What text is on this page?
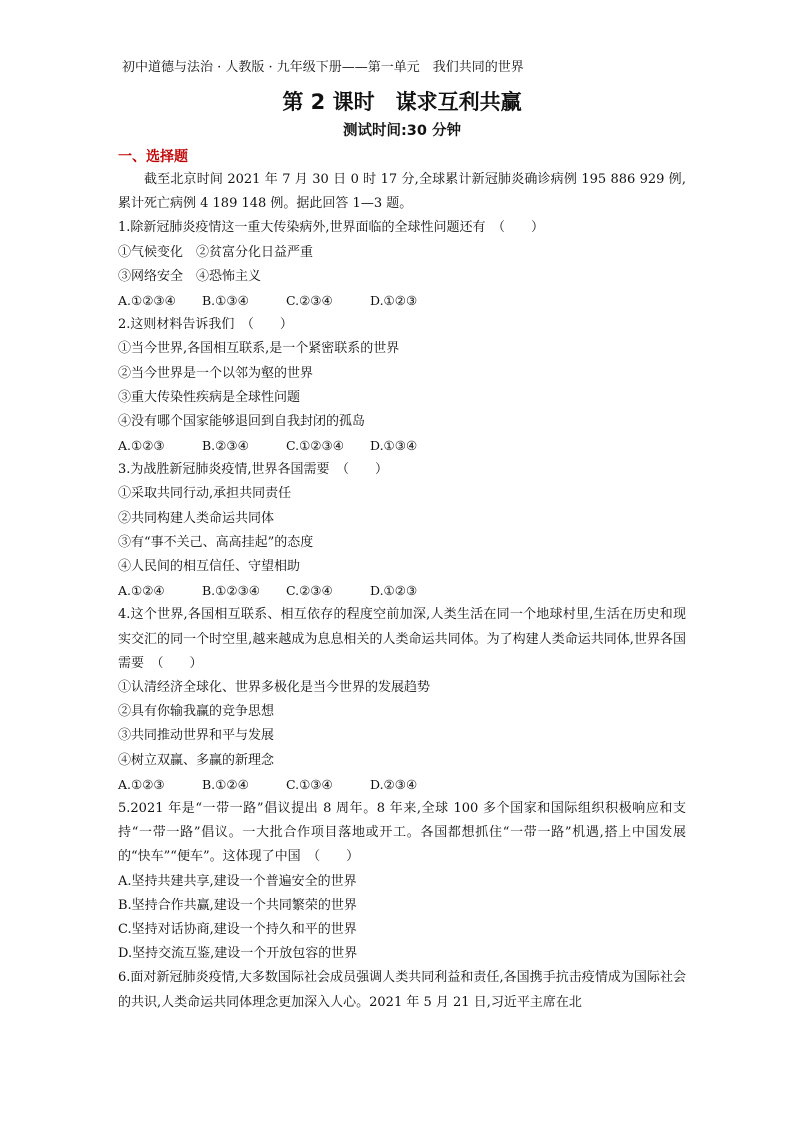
初中道德与法治 · 人教版 · 九年级下册——第一单元　我们共同的世界
第 2 课时　谋求互利共赢
测试时间:30 分钟
一、选择题
截至北京时间 2021 年 7 月 30 日 0 时 17 分,全球累计新冠肺炎确诊病例 195 886 929 例,累计死亡病例 4 189 148 例。据此回答 1—3 题。
1.除新冠肺炎疫情这一重大传染病外,世界面临的全球性问题还有　（　　）
①气候变化　②贫富分化日益严重
③网络安全　④恐怖主义
A.①②③④	B.①③④	C.②③④	D.①②③
2.这则材料告诉我们　（　　）
①当今世界,各国相互联系,是一个紧密联系的世界
②当今世界是一个以邻为壑的世界
③重大传染性疾病是全球性问题
④没有哪个国家能够退回到自我封闭的孤岛
A.①②③	B.②③④	C.①②③④	D.①③④
3.为战胜新冠肺炎疫情,世界各国需要　（　　）
①采取共同行动,承担共同责任
②共同构建人类命运共同体
③有“事不关己、高高挂起”的态度
④人民间的相互信任、守望相助
A.①②④	B.①②③④	C.②③④	D.①②③
4.这个世界,各国相互联系、相互依存的程度空前加深,人类生活在同一个地球村里,生活在历史和现实交汇的同一个时空里,越来越成为息息相关的人类命运共同体。为了构建人类命运共同体,世界各国需要　（　　）
①认清经济全球化、世界多极化是当今世界的发展趋势
②具有你输我赢的竞争思想
③共同推动世界和平与发展
④树立双赢、多赢的新理念
A.①②③	B.①②④	C.①③④	D.②③④
5.2021 年是“一带一路”倡议提出 8 周年。8 年来,全球 100 多个国家和国际组织积极响应和支持“一带一路”倡议。一大批合作项目落地或开工。各国都想抓住“一带一路”机遇,搭上中国发展的“快车”“便车”。这体现了中国　（　　）
A.坚持共建共享,建设一个普遍安全的世界
B.坚持合作共赢,建设一个共同繁荣的世界
C.坚持对话协商,建设一个持久和平的世界
D.坚持交流互鉴,建设一个开放包容的世界
6.面对新冠肺炎疫情,大多数国际社会成员强调人类共同利益和责任,各国携手抗击疫情成为国际社会的共识,人类命运共同体理念更加深入人心。2021 年 5 月 21 日,习近平主席在北
